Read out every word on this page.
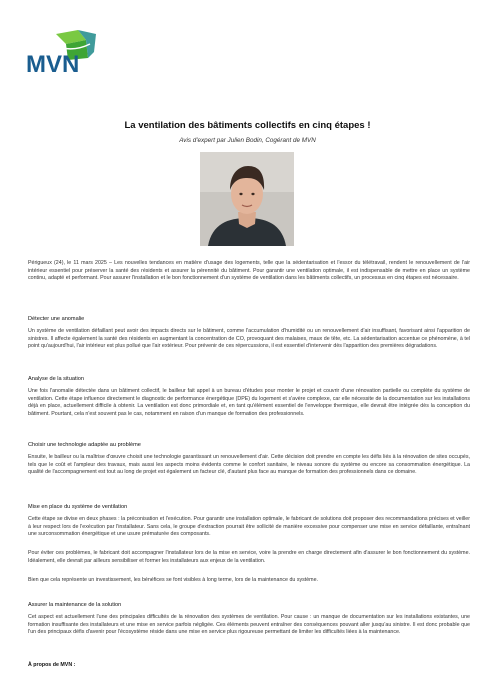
MVN
La ventilation des bâtiments collectifs en cinq étapes !
Avis d'expert par Julien Bodin, Cogérant de MVN

Périgueux (24), le 11 mars 2025 – Les nouvelles tendances en matière d'usage des logements, telle que la sédentarisation et l'essor du télétravail, rendent le renouvellement de l'air intérieur essentiel pour préserver la santé des résidents et assurer la pérennité du bâtiment. Pour garantir une ventilation optimale, il est indispensable de mettre en place un système continu, adapté et performant. Pour assurer l'installation et le bon fonctionnement d'un système de ventilation dans les bâtiments collectifs, un processus en cinq étapes est nécessaire.

Détecter une anomalie

Un système de ventilation défaillant peut avoir des impacts directs sur le bâtiment, comme l'accumulation d'humidité ou un renouvellement d'air insuffisant, favorisant ainsi l'apparition de sinistres. Il affecte également la santé des résidents en augmentant la concentration de CO, provoquant des malaises, maux de tête, etc. La sédentarisation accentue ce phénomène, à tel point qu'aujourd'hui, l'air intérieur est plus pollué que l'air extérieur. Pour prévenir de ces répercussions, il est essentiel d'intervenir dès l'apparition des premières dégradations.

Analyse de la situation

Une fois l'anomalie détectée dans un bâtiment collectif, le bailleur fait appel à un bureau d'études pour monter le projet et couvrir d'une rénovation partielle ou complète du système de ventilation. Cette étape influence directement le diagnostic de performance énergétique (DPE) du logement et s'avère complexe, car elle nécessite de la documentation sur les installations déjà en place, actuellement difficile à obtenir. La ventilation est donc primordiale et, en tant qu'élément essentiel de l'enveloppe thermique, elle devrait être intégrée dès la conception du bâtiment. Pourtant, cela n'est souvent pas le cas, notamment en raison d'un manque de formation des professionnels.

Choisir une technologie adaptée au problème

Ensuite, le bailleur ou la maîtrise d'œuvre choisit une technologie garantissant un renouvellement d'air. Cette décision doit prendre en compte les défis liés à la rénovation de sites occupés, tels que le coût et l'ampleur des travaux, mais aussi les aspects moins évidents comme le confort sanitaire, le niveau sonore du système ou encore sa consommation énergétique. La qualité de l'accompagnement est tout au long de projet est également un facteur clé, d'autant plus face au manque de formation des professionnels dans ce domaine.

Mise en place du système de ventilation

Cette étape se divise en deux phases : la préconisation et l'exécution. Pour garantir une installation optimale, le fabricant de solutions doit proposer des recommandations précises et veiller à leur respect lors de l'exécution par l'installateur. Sans cela, le groupe d'extraction pourrait être sollicité de manière excessive pour compenser une mise en service défaillante, entraînant une surconsommation énergétique et une usure prématurée des composants.

Pour éviter ces problèmes, le fabricant doit accompagner l'installateur lors de la mise en service, voire la prendre en charge directement afin d'assurer le bon fonctionnement du système. Idéalement, elle devrait par ailleurs sensibiliser et former les installateurs aux enjeux de la ventilation.

Bien que cela représente un investissement, les bénéfices se font visibles à long terme, lors de la maintenance du système.

Assurer la maintenance de la solution

Cet aspect est actuellement l'une des principales difficultés de la rénovation des systèmes de ventilation. Pour cause : un manque de documentation sur les installations existantes, une formation insuffisante des installateurs et une mise en service parfois négligée. Ces éléments peuvent entraîner des conséquences pouvant aller jusqu'au sinistre. Il est donc probable que l'un des principaux défis d'avenir pour l'écosystème réside dans une mise en service plus rigoureuse permettant de limiter les difficultés liées à la maintenance.

À propos de MVN :
